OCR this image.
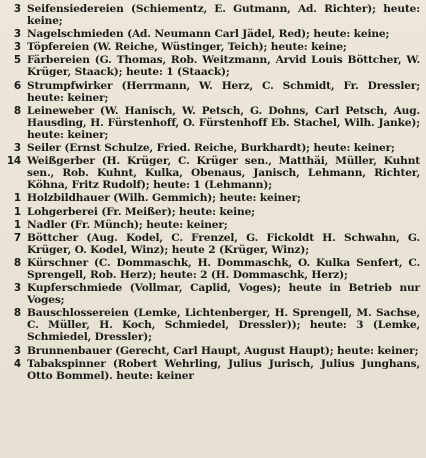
3 Seifensiedereien (Schiementz, E. Gutmann, Ad. Richter); heute: keine;
3 Nagelschmieden (Ad. Neumann Carl Jädel, Red); heute: keine;
3 Töpfereien (W. Reiche, Wüstinger, Teich); heute: keine;
5 Färbereien (G. Thomas, Rob. Weitzmann, Arvid Louis Böttcher, W. Krüger, Staack); heute: 1 (Staack);
6 Strumpfwirker (Herrmann, W. Herz, C. Schmidt, Fr. Dressler; heute: keiner;
8 Leineweber (W. Hanisch, W. Petsch, G. Dohns, Carl Petsch, Aug. Hausding, H. Fürstenhoff, O. Fürstenhoff Eb. Stachel, Wilh. Janke); heute: keiner;
3 Seiler (Ernst Schulze, Fried. Reiche, Burkhardt); heute: keiner;
14 Weißgerber (H. Krüger, C. Krüger sen., Matthäi, Müller, Kuhnt sen., Rob. Kuhnt, Kulka, Obenaus, Janisch, Lehmann, Richter, Köhna, Fritz Rudolf); heute: 1 (Lehmann);
1 Holzbildhauer (Wilh. Gemmich); heute: keiner;
1 Lohgerberei (Fr. Meißer); heute: keine;
1 Nadler (Fr. Münch); heute: keiner;
7 Böttcher (Aug. Kodel, C. Frenzel, G. Fickoldt H. Schwahn, G. Krüger, O. Kodel, Winz); heute 2 (Krüger, Winz);
8 Kürschner (C. Dommaschk, H. Dommaschk, O. Kulka Senfert, C. Sprengell, Rob. Herz); heute: 2 (H. Dommaschk, Herz);
3 Kupferschmiede (Vollmar, Caplid, Voges); heute in Betrieb nur Voges;
8 Bauschlossereien (Lemke, Lichtenberger, H. Sprengell, M. Sachse, C. Müller, H. Koch, Schmiedel, Dressler)); heute: 3 (Lemke, Schmiedel, Dressler);
3 Brunnenbauer (Gerecht, Carl Haupt, August Haupt); heute: keiner;
4 Tabakspinner (Robert Wehrling, Julius Jurisch, Julius Junghans, Otto Bommel). heute: keiner
